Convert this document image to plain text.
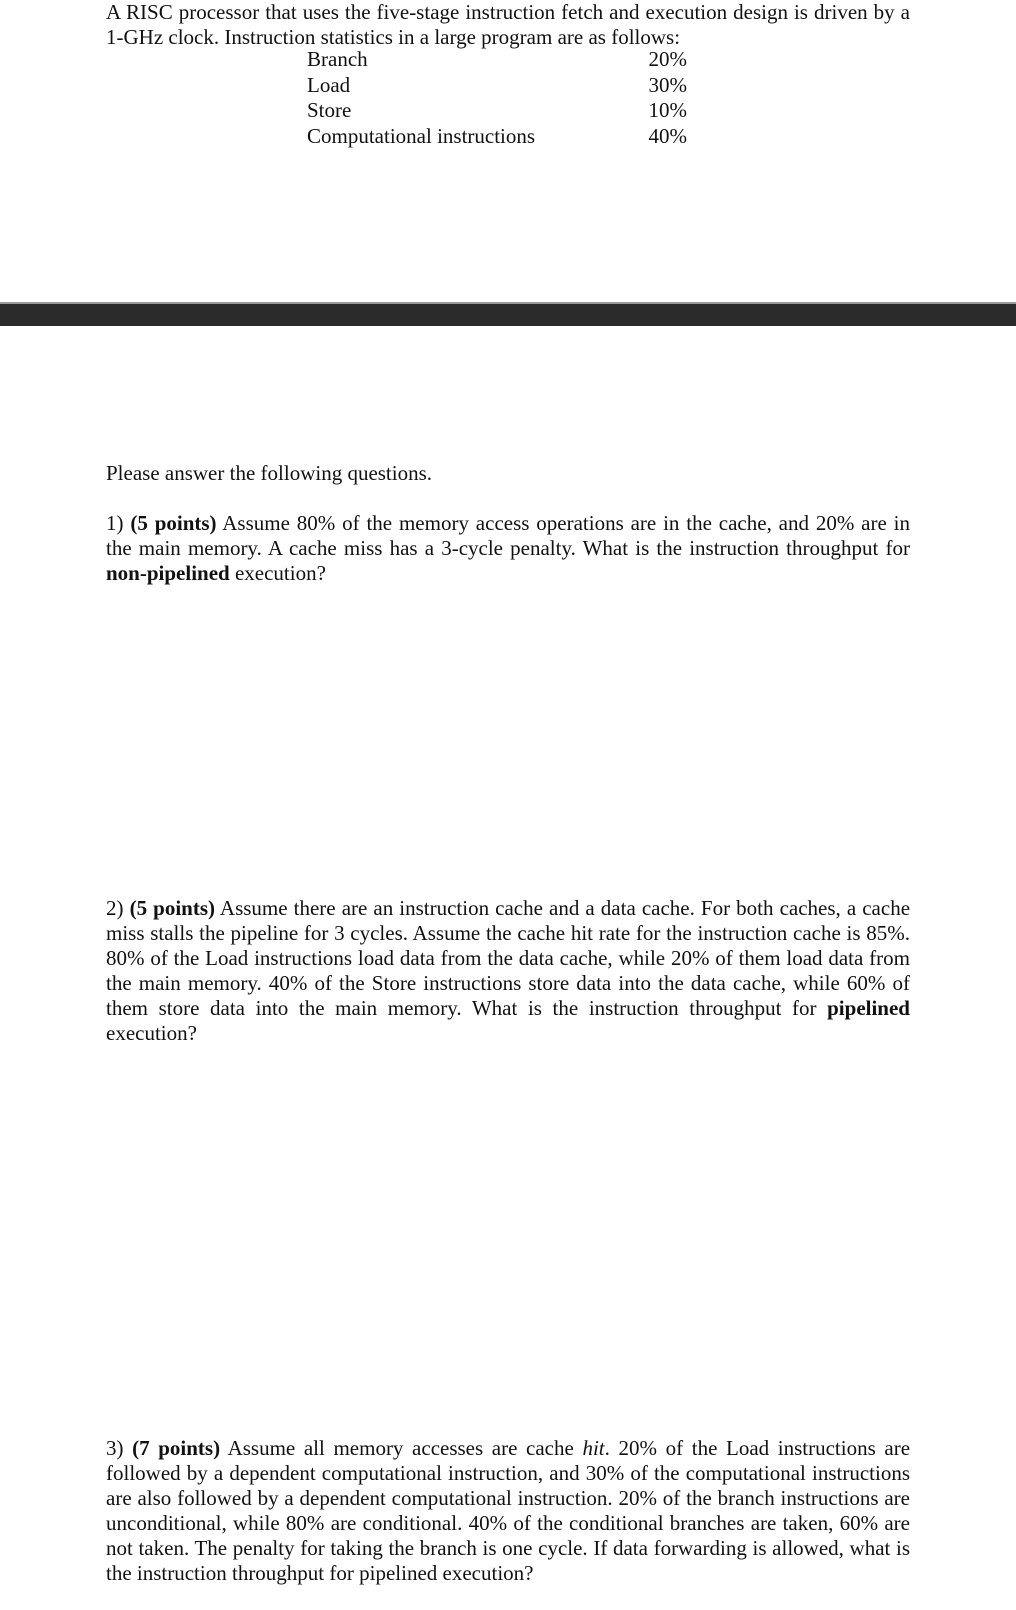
A RISC processor that uses the five-stage instruction fetch and execution design is driven by a 1-GHz clock. Instruction statistics in a large program are as follows:

Branch	20%
Load	30%
Store	10%
Computational instructions	40%

Please answer the following questions.

1) (5 points) Assume 80% of the memory access operations are in the cache, and 20% are in the main memory. A cache miss has a 3-cycle penalty. What is the instruction throughput for non-pipelined execution?

2) (5 points) Assume there are an instruction cache and a data cache. For both caches, a cache miss stalls the pipeline for 3 cycles. Assume the cache hit rate for the instruction cache is 85%. 80% of the Load instructions load data from the data cache, while 20% of them load data from the main memory. 40% of the Store instructions store data into the data cache, while 60% of them store data into the main memory. What is the instruction throughput for pipelined execution?

3) (7 points) Assume all memory accesses are cache hit. 20% of the Load instructions are followed by a dependent computational instruction, and 30% of the computational instructions are also followed by a dependent computational instruction. 20% of the branch instructions are unconditional, while 80% are conditional. 40% of the conditional branches are taken, 60% are not taken. The penalty for taking the branch is one cycle. If data forwarding is allowed, what is the instruction throughput for pipelined execution?
